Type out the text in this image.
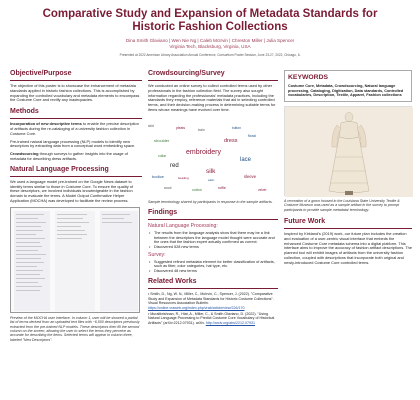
Comparative Study and Expansion of Metadata Standards for Historic Fashion Collections
Dina Smith Glaviano | Wen Nie Ng | Caleb McIrvin | Chreston Miller | Julia Spencer
Virginia Tech, Blacksburg, Virginia, USA
Presented at 2022 American Library Association Annual Conference, Consortium Poster Session, June 23-27, 2022, Chicago, IL
Objective/Purpose
The objective of this poster is to showcase the enhancement of metadata standards applied in historic fashion collections. This is accomplished by expanding the controlled vocabulary and metadata elements to encompass the Costume Core and rectify any inadequacies.
Methods
Incorporation of new descriptive terms to enable the precise description of artifacts during the re-cataloging of a university fashion collection in Costume Core.
Pre-trained natural language processing (NLP) models to identify new descriptors by extracting data from a conceptual word embedding space.
Crowdsourcing through surveys to gather insights into the usage of metadata for describing dress artifacts.
Natural Language Processing
We used a language model pre-trained on the Google News dataset to identify terms similar to those in Costume Core. To ensure the quality of these descriptors, we involved individuals knowledgeable in the fashion domain to evaluate the terms. A Model Output Confirmative Helper Application (MOCHA) was developed to facilitate the review process.
Preview of the MOCHA user interface. In column 1, user will be showed a partial list of terms derived from an uploaded text files with ~6,500 descriptors previously extracted from the pre-trained NLP models. These descriptors then fill the second column on the screen, allowing the user to select the terms they perceive as accurate for describing the items. Selected terms will appear in column three, labeled "New Descriptors".
Crowdsourcing/Survey
We conducted an online survey to collect controlled terms used by other professionals in the fashion collection field. The survey also sought information regarding the professionals' metadata practices, including the standards they employ, reference materials that aid in selecting controlled terms, and their decision-making process in determining suitable terms for items whose meanings have evolved over time.
embroidery
red
silk
lace
dress
shoulder
bodice	sleeve
wool	cotton	ruffle
floral
train
pleats
collar
button
velvet
skirt
satin
beading
Sample terminology shared by participants in response to the sample artifacts.
Findings
Natural Language Processing:
• The results from the language analysis show that there may be a link between the descriptors the language model thought were accurate and the ones that the fashion expert actually confirmed as correct.
• Discovered 528 new terms
Survey:
• Suggested refined metadata element for better classification of artifacts, such as fiber, color categories, hat type, etc.
• Discovered 48 new terms
Related Works
• Smith, D., Ng, W. N., Miller, C., McIrvin, C., Spencer, J. (2022). "Comparative Study and Expansion of Metadata Standards for Historic Costume Collections". Visual Resources Association Bulletin. https://online.vraweb.org/index.php/vrab/article/view/226/170
• Muralikrishnan, R., Hiat, A., Miller, C., & Smith Glaviano, D. (2022). "Using Natural Language Processing to Predict Costume Core Vocabulary of Historical Artifacts" (arXiv:2212.07931). arXiv. http://arxiv.org/abs/2212.07931
KEYWORDS
Costume Core, Metadata, Crowdsourcing, Natural language processing, Cataloging, Digitization, Data standards, Controlled vocabularies, Description, Textile, Apparel, Fashion collections
A recreation of a gown housed in the Louisiana State University Textile & Costume Museum was used as a sample artifact in the survey to prompt participants to provide sample metadata/ terminology.
Future Work
Inspired by Kirkland's (2019) work, our future plan includes the creation and evaluation of a user-centric visual interface that embeds the enhanced Costume Core metadata schema into a digital platform. This interface aims to improve the accuracy of fashion artifact descriptions. The planned tool will exhibit images of artifacts from the university fashion collection, coupled with descriptions that incorporate both original and newly-introduced Costume Core controlled terms.
